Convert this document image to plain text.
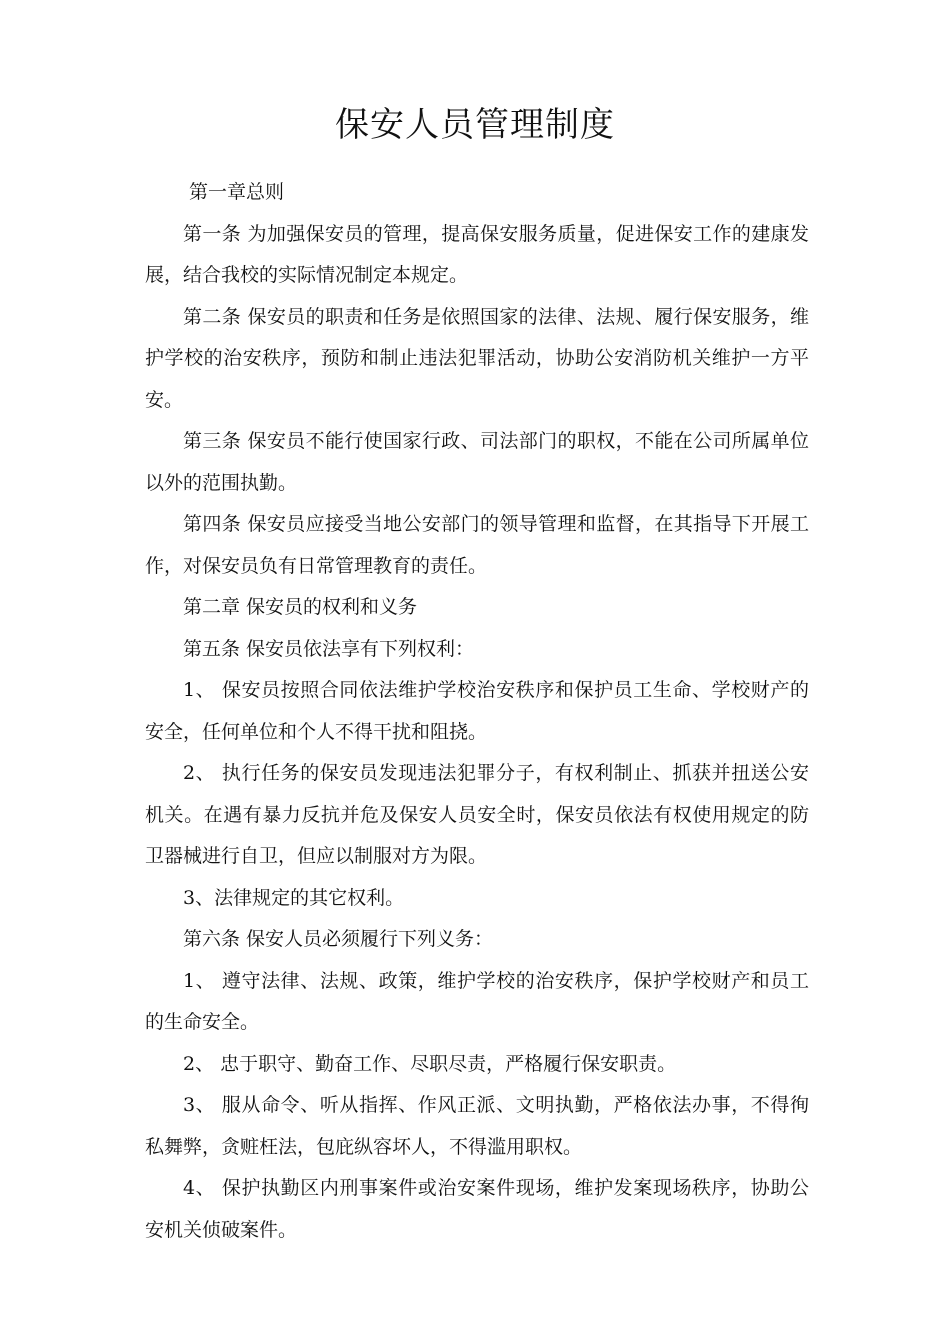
保安人员管理制度

第一章总则

第一条 为加强保安员的管理，提高保安服务质量，促进保安工作的建康发展，结合我校的实际情况制定本规定。

第二条 保安员的职责和任务是依照国家的法律、法规、履行保安服务，维护学校的治安秩序，预防和制止违法犯罪活动，协助公安消防机关维护一方平安。

第三条 保安员不能行使国家行政、司法部门的职权，不能在公司所属单位以外的范围执勤。

第四条 保安员应接受当地公安部门的领导管理和监督，在其指导下开展工作，对保安员负有日常管理教育的责任。

第二章 保安员的权利和义务

第五条 保安员依法享有下列权利：

1、 保安员按照合同依法维护学校治安秩序和保护员工生命、学校财产的安全，任何单位和个人不得干扰和阻挠。

2、 执行任务的保安员发现违法犯罪分子，有权利制止、抓获并扭送公安机关。在遇有暴力反抗并危及保安人员安全时，保安员依法有权使用规定的防卫器械进行自卫，但应以制服对方为限。

3、法律规定的其它权利。

第六条 保安人员必须履行下列义务：

1、 遵守法律、法规、政策，维护学校的治安秩序，保护学校财产和员工的生命安全。

2、 忠于职守、勤奋工作、尽职尽责，严格履行保安职责。

3、 服从命令、听从指挥、作风正派、文明执勤，严格依法办事，不得徇私舞弊，贪赃枉法，包庇纵容坏人，不得滥用职权。

4、 保护执勤区内刑事案件或治安案件现场，维护发案现场秩序，协助公安机关侦破案件。
